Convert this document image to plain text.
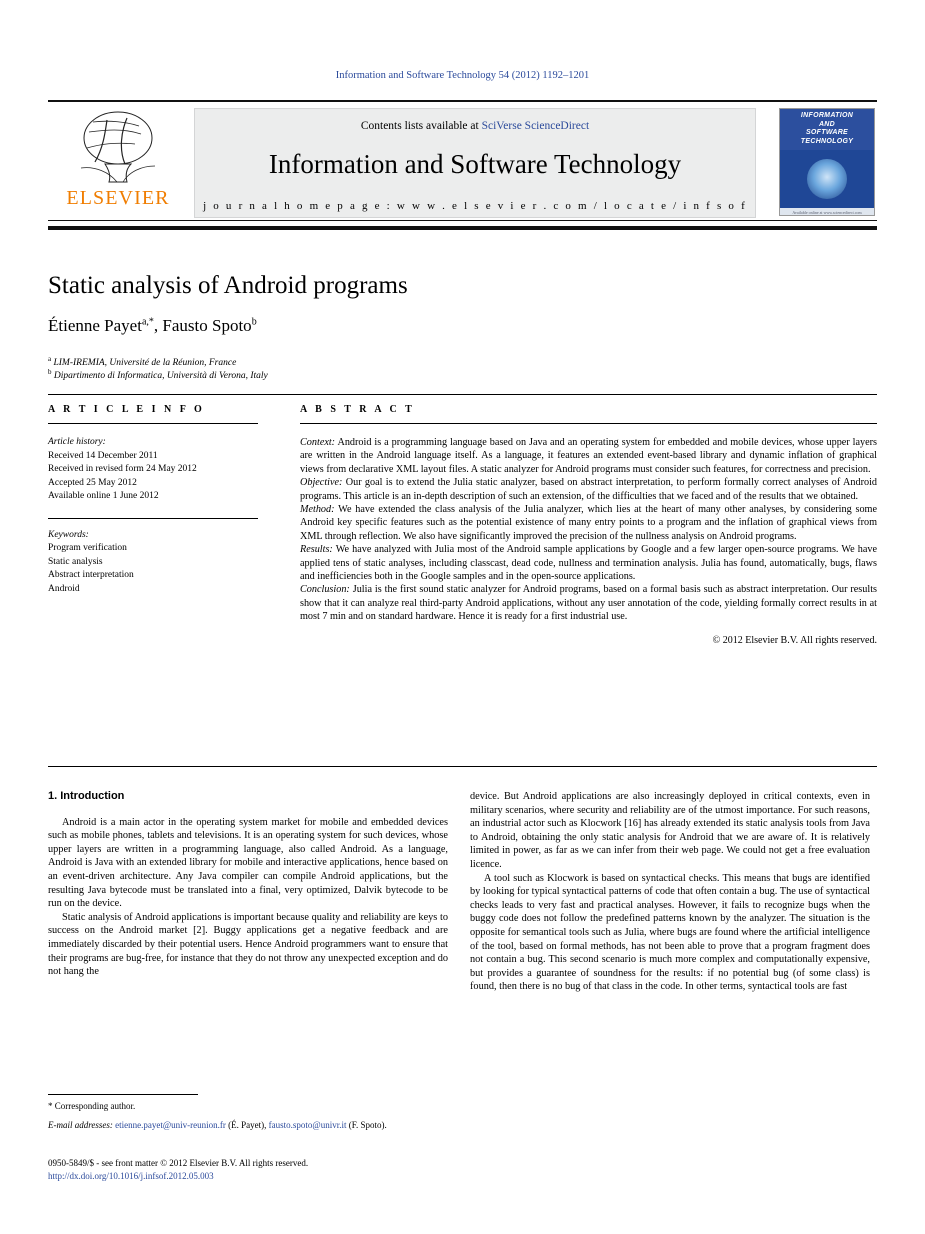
Information and Software Technology 54 (2012) 1192–1201
ELSEVIER
Contents lists available at SciVerse ScienceDirect
Information and Software Technology
j o u r n a l h o m e p a g e : w w w . e l s e v i e r . c o m / l o c a t e / i n f s o f
INFORMATION
AND
SOFTWARE
TECHNOLOGY
Available online at www.sciencedirect.com
Static analysis of Android programs
Étienne Payet$^{a,*}$, Fausto Spoto$^b$
$^a$ LIM-IREMIA, Université de la Réunion, France
$^b$ Dipartimento di Informatica, Università di Verona, Italy
A R T I C L E I N F O
Article history:
Received 14 December 2011
Received in revised form 24 May 2012
Accepted 25 May 2012
Available online 1 June 2012
Keywords:
Program verification
Static analysis
Abstract interpretation
Android
A B S T R A C T

Context: Android is a programming language based on Java and an operating system for embedded and mobile devices, whose upper layers are written in the Android language itself. As a language, it features an extended event-based library and dynamic inflation of graphical views from declarative XML layout files. A static analyzer for Android programs must consider such features, for correctness and precision.

Objective: Our goal is to extend the Julia static analyzer, based on abstract interpretation, to perform formally correct analyses of Android programs. This article is an in-depth description of such an extension, of the difficulties that we faced and of the results that we obtained.

Method: We have extended the class analysis of the Julia analyzer, which lies at the heart of many other analyses, by considering some Android key specific features such as the potential existence of many entry points to a program and the inflation of graphical views from XML through reflection. We also have significantly improved the precision of the nullness analysis on Android programs.

Results: We have analyzed with Julia most of the Android sample applications by Google and a few larger open-source programs. We have applied tens of static analyses, including classcast, dead code, nullness and termination analysis. Julia has found, automatically, bugs, flaws and inefficiencies both in the Google samples and in the open-source applications.

Conclusion: Julia is the first sound static analyzer for Android programs, based on a formal basis such as abstract interpretation. Our results show that it can analyze real third-party Android applications, without any user annotation of the code, yielding formally correct results in at most 7 min and on standard hardware. Hence it is ready for a first industrial use.

© 2012 Elsevier B.V. All rights reserved.
1. Introduction

Android is a main actor in the operating system market for mobile and embedded devices such as mobile phones, tablets and televisions. It is an operating system for such devices, whose upper layers are written in a programming language, also called Android. As a language, Android is Java with an extended library for mobile and interactive applications, hence based on an event-driven architecture. Any Java compiler can compile Android applications, but the resulting Java bytecode must be translated into a final, very optimized, Dalvik bytecode to be run on the device.

Static analysis of Android applications is important because quality and reliability are keys to success on the Android market [2]. Buggy applications get a negative feedback and are immediately discarded by their potential users. Hence Android programmers want to ensure that their programs are bug-free, for instance that they do not throw any unexpected exception and do not hang the

device. But Android applications are also increasingly deployed in critical contexts, even in military scenarios, where security and reliability are of the utmost importance. For such reasons, an industrial actor such as Klocwork [16] has already extended its static analysis tools from Java to Android, obtaining the only static analysis for Android that we are aware of. It is relatively limited in power, as far as we can infer from their web page. We could not get a free evaluation licence.

A tool such as Klocwork is based on syntactical checks. This means that bugs are identified by looking for typical syntactical patterns of code that often contain a bug. The use of syntactical checks leads to very fast and practical analyses. However, it fails to recognize bugs when the buggy code does not follow the predefined patterns known by the analyzer. The situation is the opposite for semantical tools such as Julia, where bugs are found where the artificial intelligence of the tool, based on formal methods, has not been able to prove that a program fragment does not contain a bug. This second scenario is much more complex and computationally expensive, but provides a guarantee of soundness for the results: if no potential bug (of some class) is found, then there is no bug of that class in the code. In other terms, syntactical tools are fast

* Corresponding author.
E-mail addresses: etienne.payet@univ-reunion.fr (É. Payet), fausto.spoto@univr.it (F. Spoto).
0950-5849/$ - see front matter © 2012 Elsevier B.V. All rights reserved.
http://dx.doi.org/10.1016/j.infsof.2012.05.003
